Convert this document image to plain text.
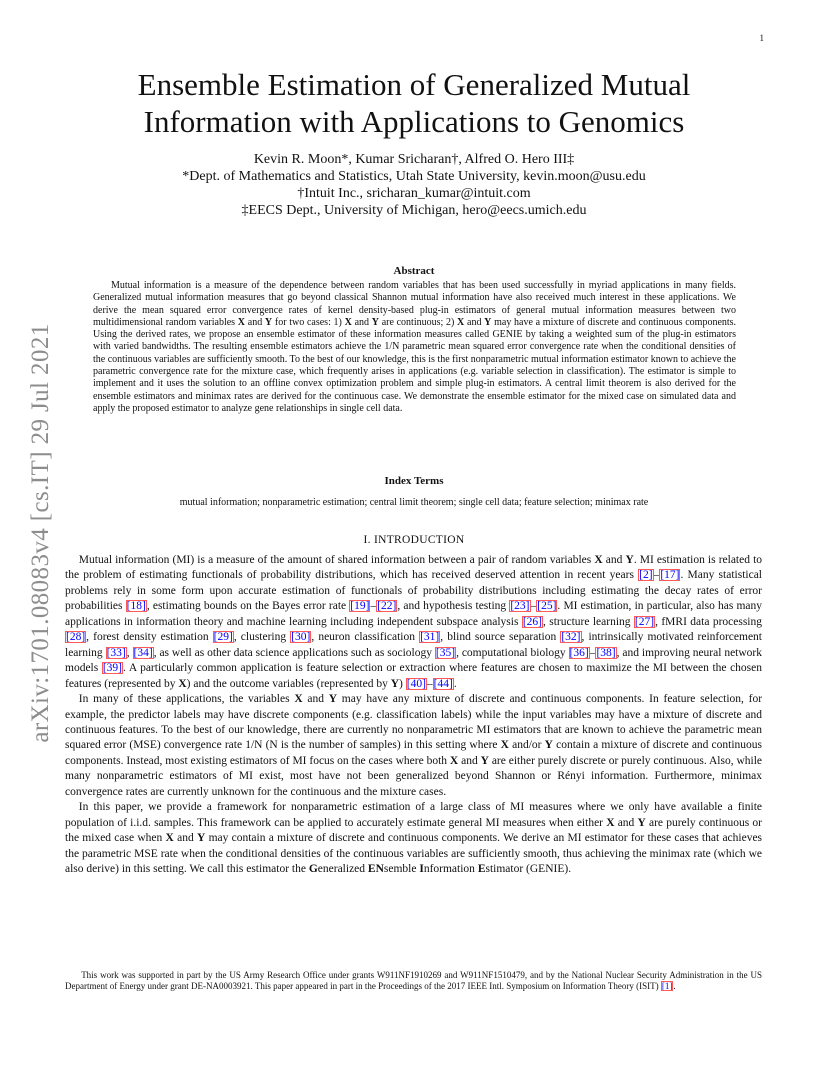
1
arXiv:1701.08083v4 [cs.IT] 29 Jul 2021
Ensemble Estimation of Generalized Mutual Information with Applications to Genomics
Kevin R. Moon*, Kumar Sricharan†, Alfred O. Hero III‡
*Dept. of Mathematics and Statistics, Utah State University, kevin.moon@usu.edu
†Intuit Inc., sricharan_kumar@intuit.com
‡EECS Dept., University of Michigan, hero@eecs.umich.edu
Abstract
Mutual information is a measure of the dependence between random variables that has been used successfully in myriad applications in many fields. Generalized mutual information measures that go beyond classical Shannon mutual information have also received much interest in these applications. We derive the mean squared error convergence rates of kernel density-based plug-in estimators of general mutual information measures between two multidimensional random variables X and Y for two cases: 1) X and Y are continuous; 2) X and Y may have a mixture of discrete and continuous components. Using the derived rates, we propose an ensemble estimator of these information measures called GENIE by taking a weighted sum of the plug-in estimators with varied bandwidths. The resulting ensemble estimators achieve the 1/N parametric mean squared error convergence rate when the conditional densities of the continuous variables are sufficiently smooth. To the best of our knowledge, this is the first nonparametric mutual information estimator known to achieve the parametric convergence rate for the mixture case, which frequently arises in applications (e.g. variable selection in classification). The estimator is simple to implement and it uses the solution to an offline convex optimization problem and simple plug-in estimators. A central limit theorem is also derived for the ensemble estimators and minimax rates are derived for the continuous case. We demonstrate the ensemble estimator for the mixed case on simulated data and apply the proposed estimator to analyze gene relationships in single cell data.
Index Terms
mutual information; nonparametric estimation; central limit theorem; single cell data; feature selection; minimax rate
I. INTRODUCTION

Mutual information (MI) is a measure of the amount of shared information between a pair of random variables X and Y. MI estimation is related to the problem of estimating functionals of probability distributions, which has received deserved attention in recent years [2]–[17]. Many statistical problems rely in some form upon accurate estimation of functionals of probability distributions including estimating the decay rates of error probabilities [18], estimating bounds on the Bayes error rate [19]–[22], and hypothesis testing [23]–[25]. MI estimation, in particular, also has many applications in information theory and machine learning including independent subspace analysis [26], structure learning [27], fMRI data processing [28], forest density estimation [29], clustering [30], neuron classification [31], blind source separation [32], intrinsically motivated reinforcement learning [33], [34], as well as other data science applications such as sociology [35], computational biology [36]–[38], and improving neural network models [39]. A particularly common application is feature selection or extraction where features are chosen to maximize the MI between the chosen features (represented by X) and the outcome variables (represented by Y) [40]–[44].

In many of these applications, the variables X and Y may have any mixture of discrete and continuous components. In feature selection, for example, the predictor labels may have discrete components (e.g. classification labels) while the input variables may have a mixture of discrete and continuous features. To the best of our knowledge, there are currently no nonparametric MI estimators that are known to achieve the parametric mean squared error (MSE) convergence rate 1/N (N is the number of samples) in this setting where X and/or Y contain a mixture of discrete and continuous components. Instead, most existing estimators of MI focus on the cases where both X and Y are either purely discrete or purely continuous. Also, while many nonparametric estimators of MI exist, most have not been generalized beyond Shannon or Rényi information. Furthermore, minimax convergence rates are currently unknown for the continuous and the mixture cases.

In this paper, we provide a framework for nonparametric estimation of a large class of MI measures where we only have available a finite population of i.i.d. samples. This framework can be applied to accurately estimate general MI measures when either X and Y are purely continuous or the mixed case when X and Y may contain a mixture of discrete and continuous components. We derive an MI estimator for these cases that achieves the parametric MSE rate when the conditional densities of the continuous variables are sufficiently smooth, thus achieving the minimax rate (which we also derive) in this setting. We call this estimator the Generalized ENsemble Information Estimator (GENIE).

This work was supported in part by the US Army Research Office under grants W911NF1910269 and W911NF1510479, and by the National Nuclear Security Administration in the US Department of Energy under grant DE-NA0003921. This paper appeared in part in the Proceedings of the 2017 IEEE Intl. Symposium on Information Theory (ISIT) [1].
